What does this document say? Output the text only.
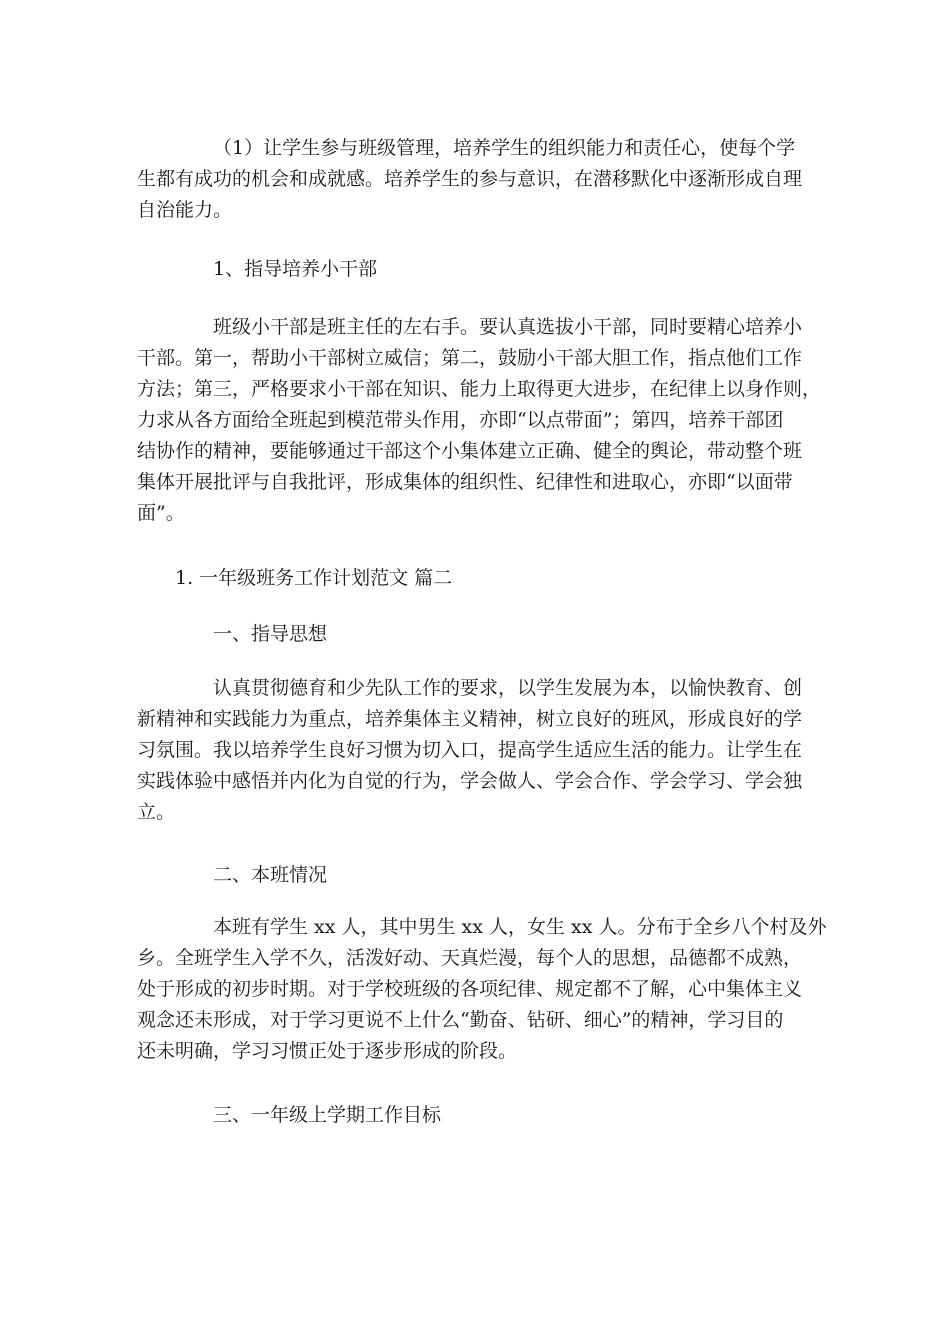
（1）让学生参与班级管理，培养学生的组织能力和责任心，使每个学
生都有成功的机会和成就感。培养学生的参与意识，在潜移默化中逐渐形成自理
自治能力。

1、指导培养小干部

班级小干部是班主任的左右手。要认真选拔小干部，同时要精心培养小
干部。第一，帮助小干部树立威信；第二，鼓励小干部大胆工作，指点他们工作
方法；第三，严格要求小干部在知识、能力上取得更大进步，在纪律上以身作则，
力求从各方面给全班起到模范带头作用，亦即“以点带面”；第四，培养干部团
结协作的精神，要能够通过干部这个小集体建立正确、健全的舆论，带动整个班
集体开展批评与自我批评，形成集体的组织性、纪律性和进取心，亦即“以面带
面”。

1. 一年级班务工作计划范文 篇二

一、指导思想

认真贯彻德育和少先队工作的要求，以学生发展为本，以愉快教育、创
新精神和实践能力为重点，培养集体主义精神，树立良好的班风，形成良好的学
习氛围。我以培养学生良好习惯为切入口，提高学生适应生活的能力。让学生在
实践体验中感悟并内化为自觉的行为，学会做人、学会合作、学会学习、学会独
立。

二、本班情况

本班有学生 xx 人，其中男生 xx 人，女生 xx 人。分布于全乡八个村及外
乡。全班学生入学不久，活泼好动、天真烂漫，每个人的思想，品德都不成熟，
处于形成的初步时期。对于学校班级的各项纪律、规定都不了解，心中集体主义
观念还未形成，对于学习更说不上什么“勤奋、钻研、细心”的精神，学习目的
还未明确，学习习惯正处于逐步形成的阶段。

三、一年级上学期工作目标
